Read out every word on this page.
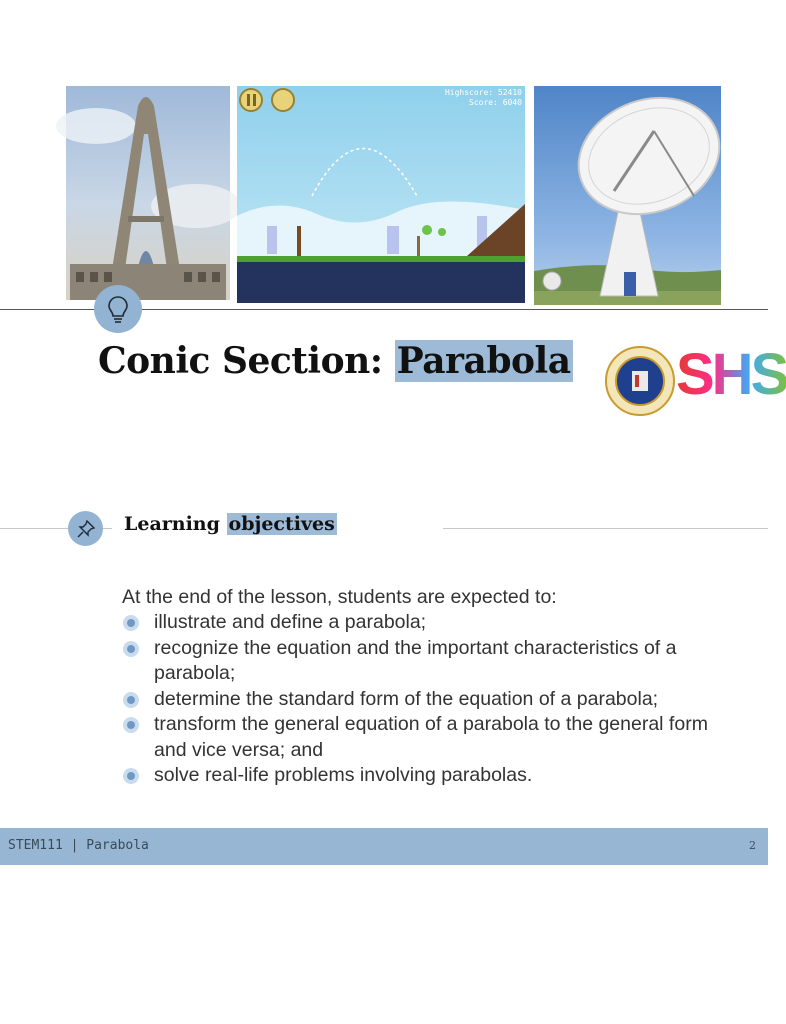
Highscore: 52410
Score: 6040
Conic Section: Parabola SHS
Learning objectives

At the end of the lesson, students are expected to:

illustrate and define a parabola;
recognize the equation and the important characteristics of a parabola;
determine the standard form of the equation of a parabola;
transform the general equation of a parabola to the general form and vice versa; and
solve real-life problems involving parabolas.
STEM111 | Parabola	2
